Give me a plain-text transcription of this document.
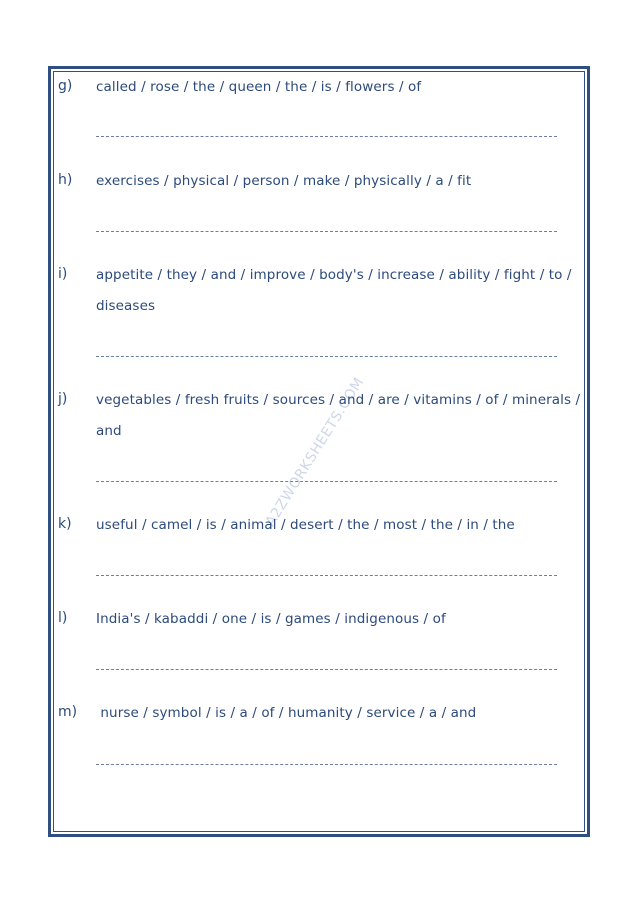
A2ZWORKSHEETS.COM
g) called / rose / the / queen / the / is / flowers / of
h) exercises / physical / person / make / physically / a / fit
i) appetite / they / and / improve / body's / increase / ability / fight / to / diseases
j) vegetables / fresh fruits / sources / and / are / vitamins / of / minerals / and
k) useful / camel / is / animal / desert / the / most / the / in / the
l) India's / kabaddi / one / is / games / indigenous / of
m) nurse / symbol / is / a / of / humanity / service / a / and
